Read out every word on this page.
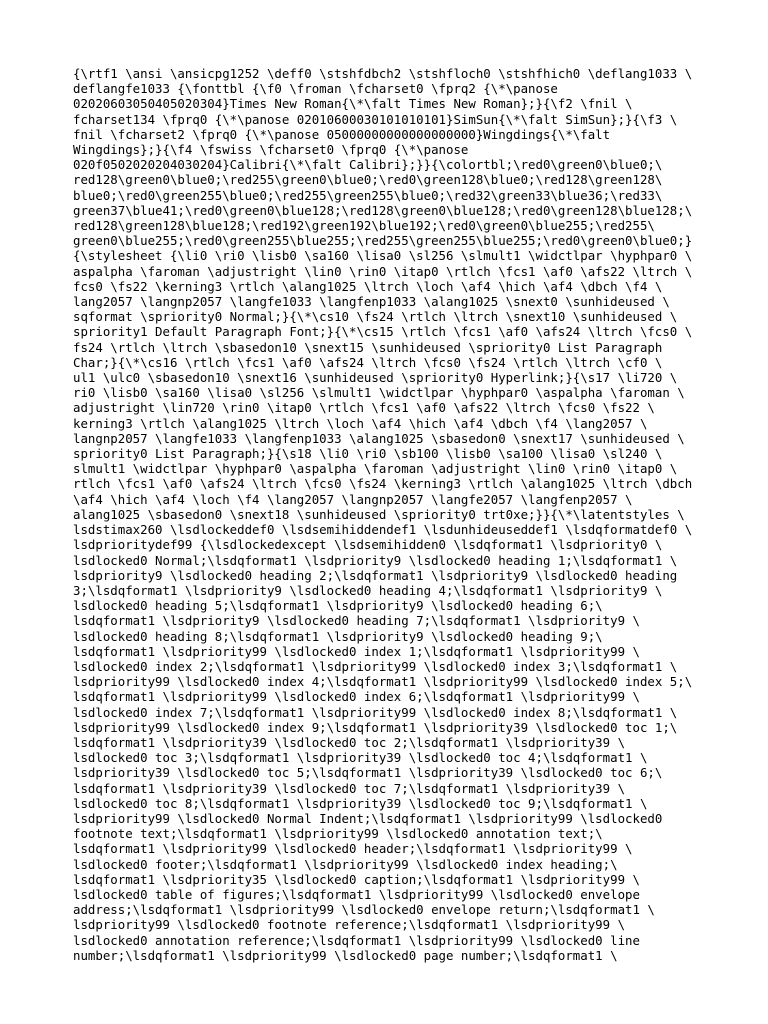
{\rtf1 \ansi \ansicpg1252 \deff0 \stshfdbch2 \stshfloch0 \stshfhich0 \deflang1033 \
deflangfe1033 {\fonttbl {\f0 \froman \fcharset0 \fprq2 {\*\panose
02020603050405020304}Times New Roman{\*\falt Times New Roman};}{\f2 \fnil \
fcharset134 \fprq0 {\*\panose 02010600030101010101}SimSun{\*\falt SimSun};}{\f3 \
fnil \fcharset2 \fprq0 {\*\panose 05000000000000000000}Wingdings{\*\falt
Wingdings};}{\f4 \fswiss \fcharset0 \fprq0 {\*\panose
020f0502020204030204}Calibri{\*\falt Calibri};}}{\colortbl;\red0\green0\blue0;\
red128\green0\blue0;\red255\green0\blue0;\red0\green128\blue0;\red128\green128\
blue0;\red0\green255\blue0;\red255\green255\blue0;\red32\green33\blue36;\red33\
green37\blue41;\red0\green0\blue128;\red128\green0\blue128;\red0\green128\blue128;\
red128\green128\blue128;\red192\green192\blue192;\red0\green0\blue255;\red255\
green0\blue255;\red0\green255\blue255;\red255\green255\blue255;\red0\green0\blue0;}
{\stylesheet {\li0 \ri0 \lisb0 \sa160 \lisa0 \sl256 \slmult1 \widctlpar \hyphpar0 \
aspalpha \faroman \adjustright \lin0 \rin0 \itap0 \rtlch \fcs1 \af0 \afs22 \ltrch \
fcs0 \fs22 \kerning3 \rtlch \alang1025 \ltrch \loch \af4 \hich \af4 \dbch \f4 \
lang2057 \langnp2057 \langfe1033 \langfenp1033 \alang1025 \snext0 \sunhideused \
sqformat \spriority0 Normal;}{\*\cs10 \fs24 \rtlch \ltrch \snext10 \sunhideused \
spriority1 Default Paragraph Font;}{\*\cs15 \rtlch \fcs1 \af0 \afs24 \ltrch \fcs0 \
fs24 \rtlch \ltrch \sbasedon10 \snext15 \sunhideused \spriority0 List Paragraph
Char;}{\*\cs16 \rtlch \fcs1 \af0 \afs24 \ltrch \fcs0 \fs24 \rtlch \ltrch \cf0 \
ul1 \ulc0 \sbasedon10 \snext16 \sunhideused \spriority0 Hyperlink;}{\s17 \li720 \
ri0 \lisb0 \sa160 \lisa0 \sl256 \slmult1 \widctlpar \hyphpar0 \aspalpha \faroman \
adjustright \lin720 \rin0 \itap0 \rtlch \fcs1 \af0 \afs22 \ltrch \fcs0 \fs22 \
kerning3 \rtlch \alang1025 \ltrch \loch \af4 \hich \af4 \dbch \f4 \lang2057 \
langnp2057 \langfe1033 \langfenp1033 \alang1025 \sbasedon0 \snext17 \sunhideused \
spriority0 List Paragraph;}{\s18 \li0 \ri0 \sb100 \lisb0 \sa100 \lisa0 \sl240 \
slmult1 \widctlpar \hyphpar0 \aspalpha \faroman \adjustright \lin0 \rin0 \itap0 \
rtlch \fcs1 \af0 \afs24 \ltrch \fcs0 \fs24 \kerning3 \rtlch \alang1025 \ltrch \dbch
\af4 \hich \af4 \loch \f4 \lang2057 \langnp2057 \langfe2057 \langfenp2057 \
alang1025 \sbasedon0 \snext18 \sunhideused \spriority0 trt0xe;}}{\*\latentstyles \
lsdstimax260 \lsdlockeddef0 \lsdsemihiddendef1 \lsdunhideuseddef1 \lsdqformatdef0 \
lsdprioritydef99 {\lsdlockedexcept \lsdsemihidden0 \lsdqformat1 \lsdpriority0 \
lsdlocked0 Normal;\lsdqformat1 \lsdpriority9 \lsdlocked0 heading 1;\lsdqformat1 \
lsdpriority9 \lsdlocked0 heading 2;\lsdqformat1 \lsdpriority9 \lsdlocked0 heading
3;\lsdqformat1 \lsdpriority9 \lsdlocked0 heading 4;\lsdqformat1 \lsdpriority9 \
lsdlocked0 heading 5;\lsdqformat1 \lsdpriority9 \lsdlocked0 heading 6;\
lsdqformat1 \lsdpriority9 \lsdlocked0 heading 7;\lsdqformat1 \lsdpriority9 \
lsdlocked0 heading 8;\lsdqformat1 \lsdpriority9 \lsdlocked0 heading 9;\
lsdqformat1 \lsdpriority99 \lsdlocked0 index 1;\lsdqformat1 \lsdpriority99 \
lsdlocked0 index 2;\lsdqformat1 \lsdpriority99 \lsdlocked0 index 3;\lsdqformat1 \
lsdpriority99 \lsdlocked0 index 4;\lsdqformat1 \lsdpriority99 \lsdlocked0 index 5;\
lsdqformat1 \lsdpriority99 \lsdlocked0 index 6;\lsdqformat1 \lsdpriority99 \
lsdlocked0 index 7;\lsdqformat1 \lsdpriority99 \lsdlocked0 index 8;\lsdqformat1 \
lsdpriority99 \lsdlocked0 index 9;\lsdqformat1 \lsdpriority39 \lsdlocked0 toc 1;\
lsdqformat1 \lsdpriority39 \lsdlocked0 toc 2;\lsdqformat1 \lsdpriority39 \
lsdlocked0 toc 3;\lsdqformat1 \lsdpriority39 \lsdlocked0 toc 4;\lsdqformat1 \
lsdpriority39 \lsdlocked0 toc 5;\lsdqformat1 \lsdpriority39 \lsdlocked0 toc 6;\
lsdqformat1 \lsdpriority39 \lsdlocked0 toc 7;\lsdqformat1 \lsdpriority39 \
lsdlocked0 toc 8;\lsdqformat1 \lsdpriority39 \lsdlocked0 toc 9;\lsdqformat1 \
lsdpriority99 \lsdlocked0 Normal Indent;\lsdqformat1 \lsdpriority99 \lsdlocked0
footnote text;\lsdqformat1 \lsdpriority99 \lsdlocked0 annotation text;\
lsdqformat1 \lsdpriority99 \lsdlocked0 header;\lsdqformat1 \lsdpriority99 \
lsdlocked0 footer;\lsdqformat1 \lsdpriority99 \lsdlocked0 index heading;\
lsdqformat1 \lsdpriority35 \lsdlocked0 caption;\lsdqformat1 \lsdpriority99 \
lsdlocked0 table of figures;\lsdqformat1 \lsdpriority99 \lsdlocked0 envelope
address;\lsdqformat1 \lsdpriority99 \lsdlocked0 envelope return;\lsdqformat1 \
lsdpriority99 \lsdlocked0 footnote reference;\lsdqformat1 \lsdpriority99 \
lsdlocked0 annotation reference;\lsdqformat1 \lsdpriority99 \lsdlocked0 line
number;\lsdqformat1 \lsdpriority99 \lsdlocked0 page number;\lsdqformat1 \
